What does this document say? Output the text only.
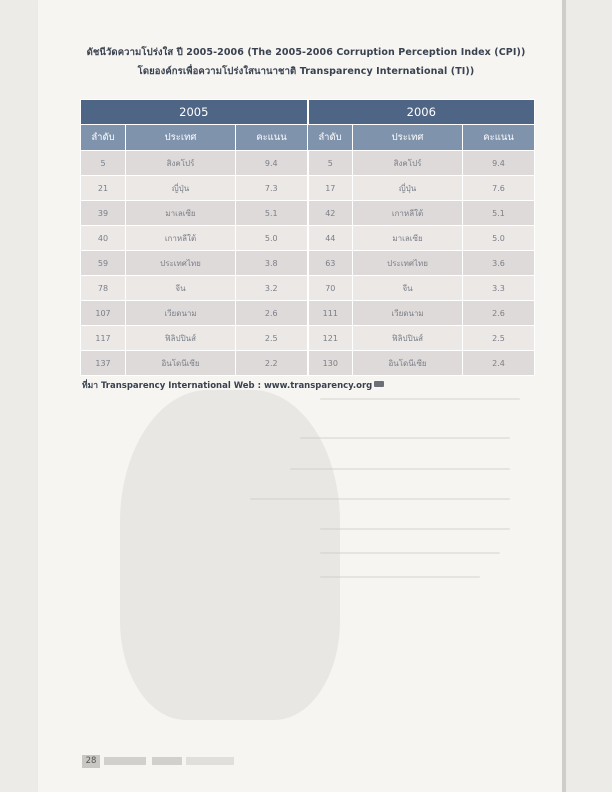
ดัชนีวัดความโปร่งใส ปี 2005-2006 (The 2005-2006 Corruption Perception Index (CPI))
โดยองค์กรเพื่อความโปร่งใสนานาชาติ Transparency International (TI))
2005			2006		
ลำดับ	ประเทศ	คะแนน	ลำดับ	ประเทศ	คะแนน
5	สิงคโปร์	9.4	5	สิงคโปร์	9.4
21	ญี่ปุ่น	7.3	17	ญี่ปุ่น	7.6
39	มาเลเซีย	5.1	42	เกาหลีใต้	5.1
40	เกาหลีใต้	5.0	44	มาเลเซีย	5.0
59	ประเทศไทย	3.8	63	ประเทศไทย	3.6
78	จีน	3.2	70	จีน	3.3
107	เวียดนาม	2.6	111	เวียดนาม	2.6
117	ฟิลิปปินส์	2.5	121	ฟิลิปปินส์	2.5
137	อินโดนีเซีย	2.2	130	อินโดนีเซีย	2.4
ที่มา Transparency International Web : www.transparency.org
28
